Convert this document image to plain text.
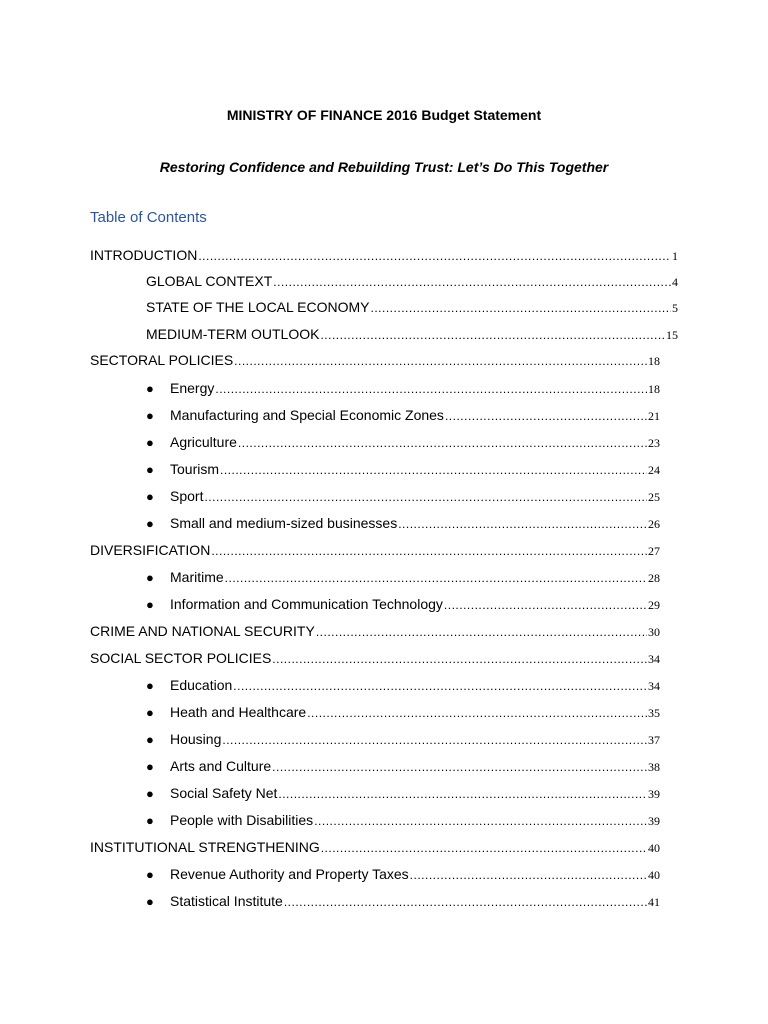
MINISTRY OF FINANCE 2016 Budget Statement
Restoring Confidence and Rebuilding Trust: Let’s Do This Together
Table of Contents
INTRODUCTION .....	1
GLOBAL CONTEXT .....	4
STATE OF THE LOCAL ECONOMY .....	5
MEDIUM-TERM OUTLOOK .....	15
SECTORAL POLICIES .....	18
●	Energy .....	18
●	Manufacturing and Special Economic Zones .....	21
●	Agriculture .....	23
●	Tourism .....	24
●	Sport .....	25
●	Small and medium-sized businesses .....	26
DIVERSIFICATION .....	27
●	Maritime .....	28
●	Information and Communication Technology .....	29
CRIME AND NATIONAL SECURITY .....	30
SOCIAL SECTOR POLICIES .....	34
●	Education .....	34
●	Heath and Healthcare .....	35
●	Housing .....	37
●	Arts and Culture .....	38
●	Social Safety Net .....	39
●	People with Disabilities .....	39
INSTITUTIONAL STRENGTHENING .....	40
●	Revenue Authority and Property Taxes .....	40
●	Statistical Institute .....	41
